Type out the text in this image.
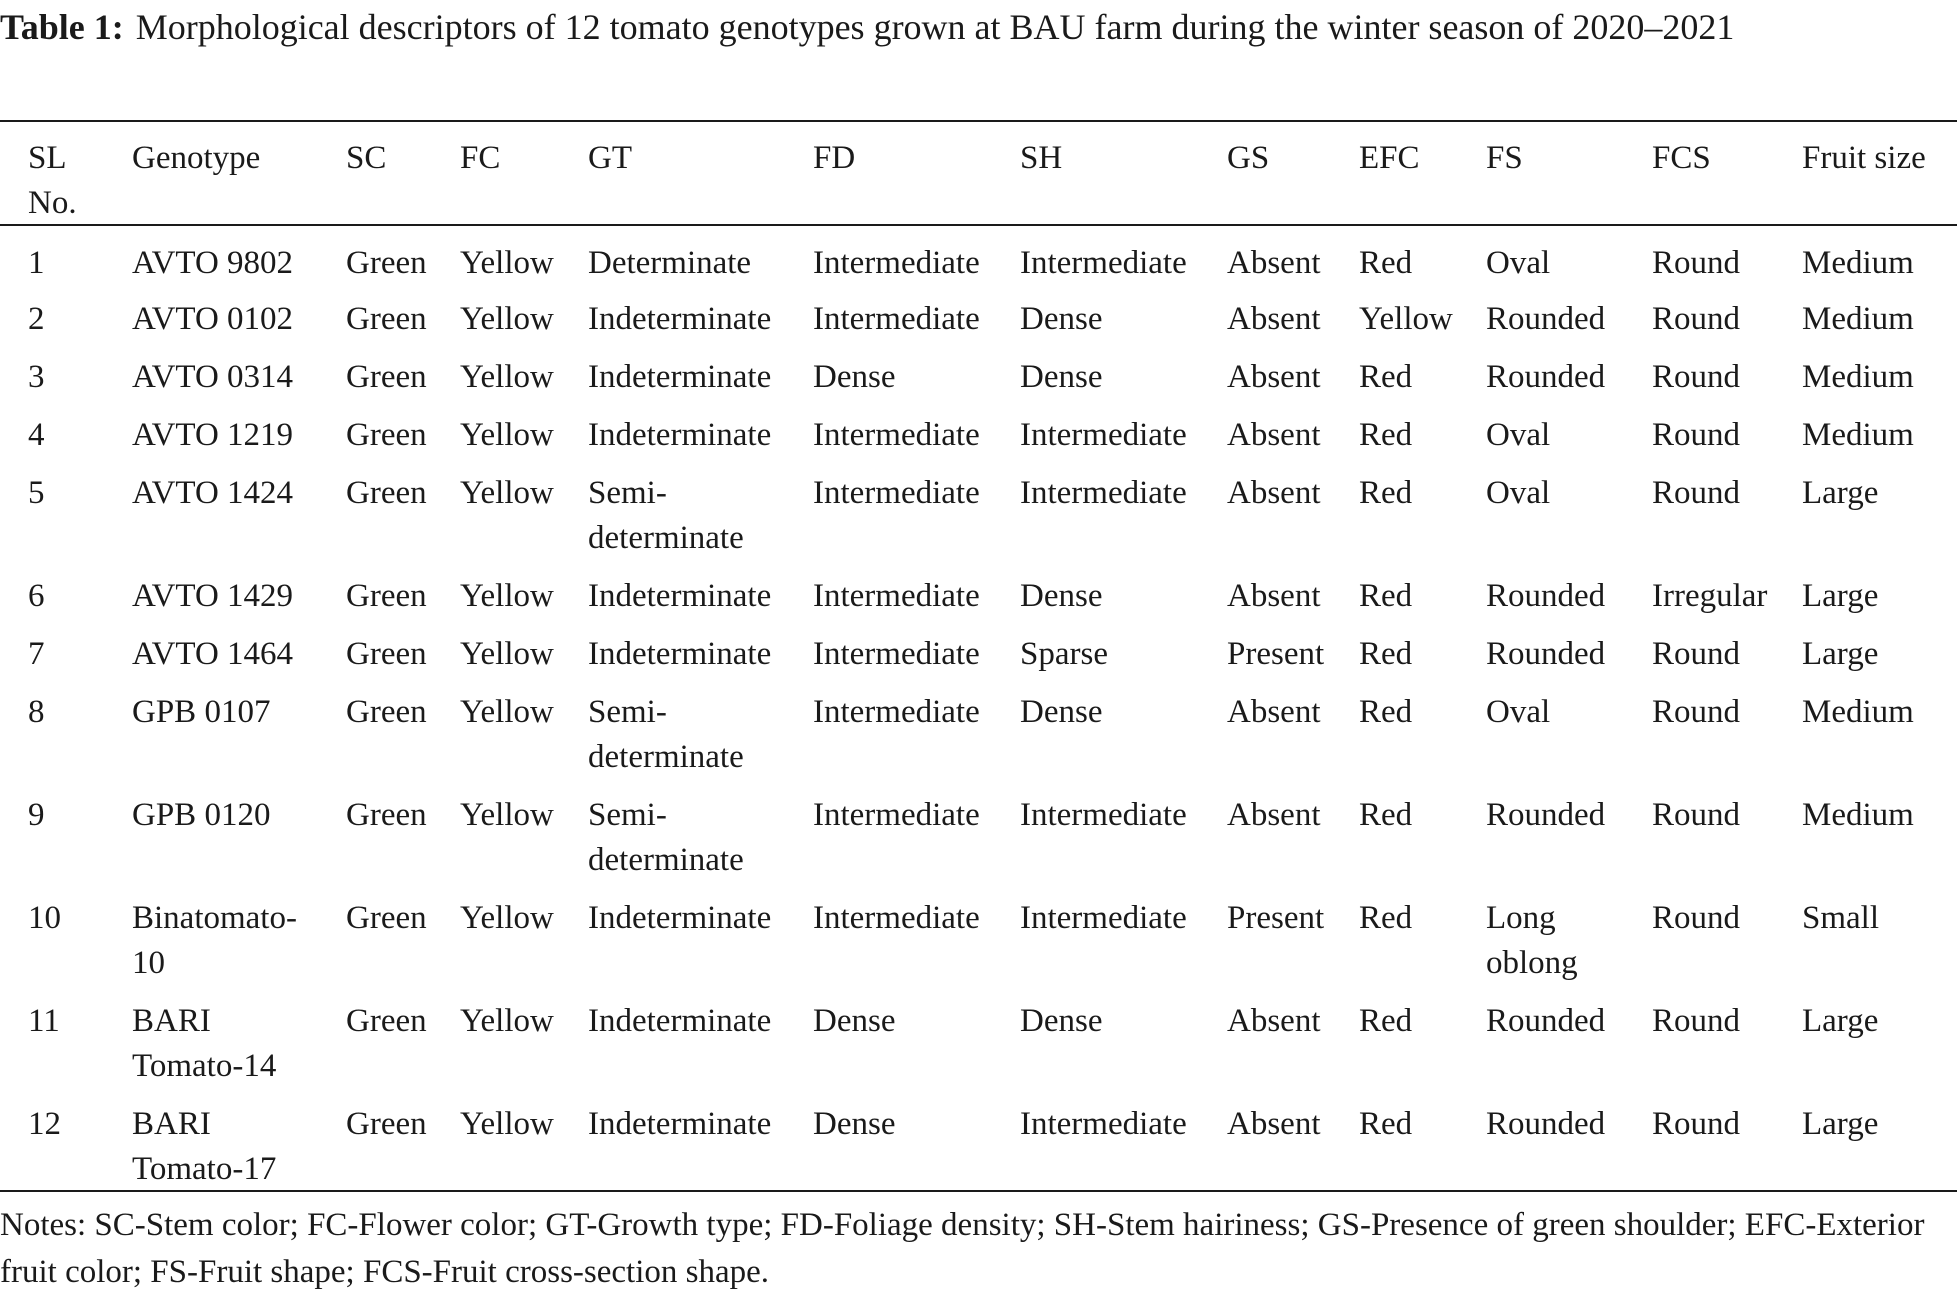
Table 1: Morphological descriptors of 12 tomato genotypes grown at BAU farm during the winter season of 2020–2021

SL No.	Genotype	SC	FC	GT	FD	SH	GS	EFC	FS	FCS	Fruit size
1	AVTO 9802	Green	Yellow	Determinate	Intermediate	Intermediate	Absent	Red	Oval	Round	Medium
2	AVTO 0102	Green	Yellow	Indeterminate	Intermediate	Dense	Absent	Yellow	Rounded	Round	Medium
3	AVTO 0314	Green	Yellow	Indeterminate	Dense	Dense	Absent	Red	Rounded	Round	Medium
4	AVTO 1219	Green	Yellow	Indeterminate	Intermediate	Intermediate	Absent	Red	Oval	Round	Medium
5	AVTO 1424	Green	Yellow	Semi-determinate	Intermediate	Intermediate	Absent	Red	Oval	Round	Large
6	AVTO 1429	Green	Yellow	Indeterminate	Intermediate	Dense	Absent	Red	Rounded	Irregular	Large
7	AVTO 1464	Green	Yellow	Indeterminate	Intermediate	Sparse	Present	Red	Rounded	Round	Large
8	GPB 0107	Green	Yellow	Semi-determinate	Intermediate	Dense	Absent	Red	Oval	Round	Medium
9	GPB 0120	Green	Yellow	Semi-determinate	Intermediate	Intermediate	Absent	Red	Rounded	Round	Medium
10	Binatomato-10	Green	Yellow	Indeterminate	Intermediate	Intermediate	Present	Red	Long oblong	Round	Small
11	BARI Tomato-14	Green	Yellow	Indeterminate	Dense	Dense	Absent	Red	Rounded	Round	Large
12	BARI Tomato-17	Green	Yellow	Indeterminate	Dense	Intermediate	Absent	Red	Rounded	Round	Large

Notes: SC-Stem color; FC-Flower color; GT-Growth type; FD-Foliage density; SH-Stem hairiness; GS-Presence of green shoulder; EFC-Exterior fruit color; FS-Fruit shape; FCS-Fruit cross-section shape.
